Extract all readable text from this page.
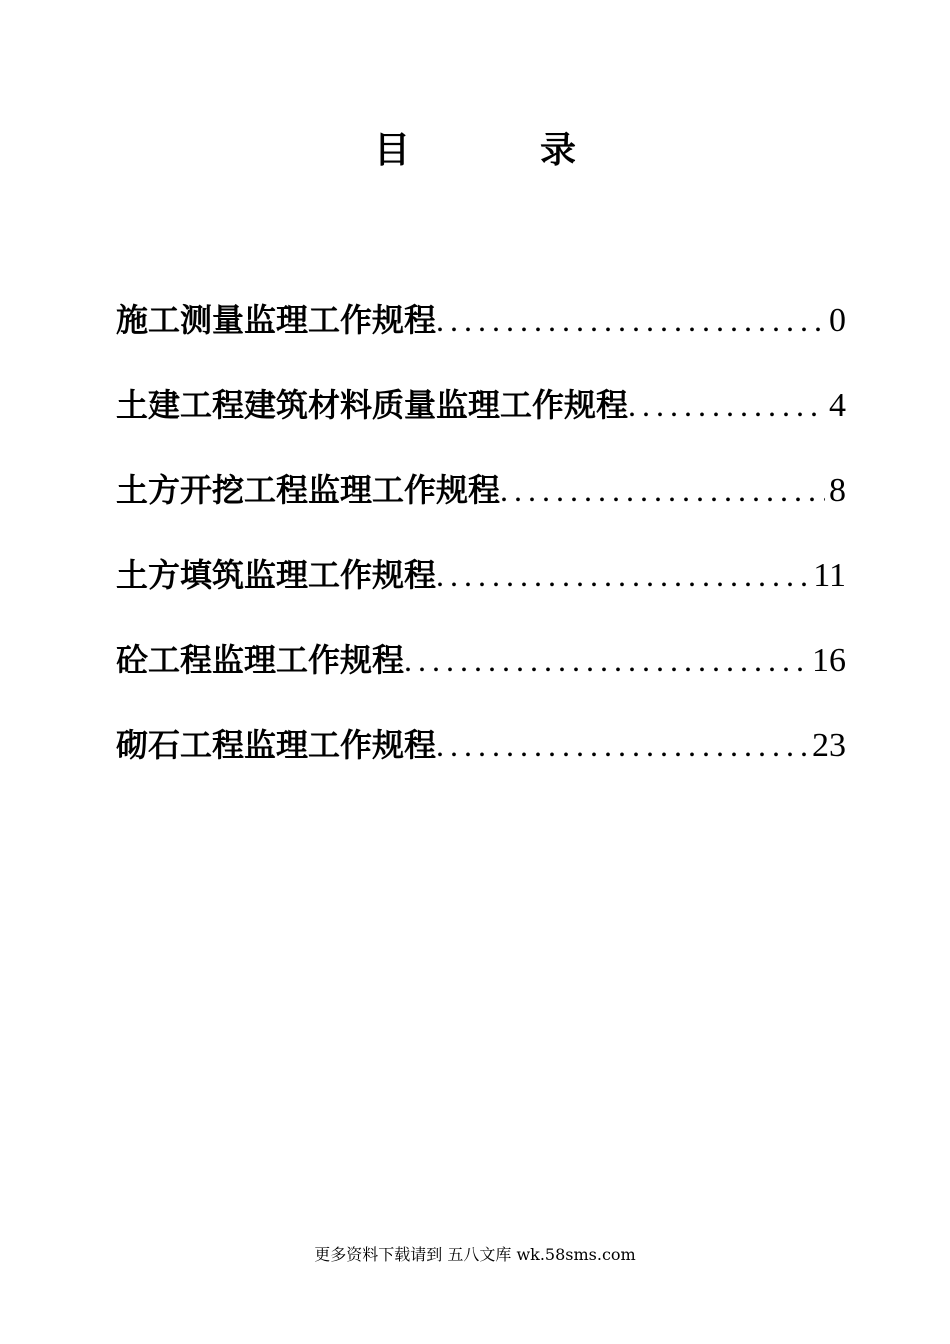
目	录
施工测量监理工作规程 .....	0
土建工程建筑材料质量监理工作规程 .....	4
土方开挖工程监理工作规程 .....	8
土方填筑监理工作规程 .....	11
砼工程监理工作规程 .....	16
砌石工程监理工作规程 .....	23
更多资料下载请到 五八文库 wk.58sms.com
